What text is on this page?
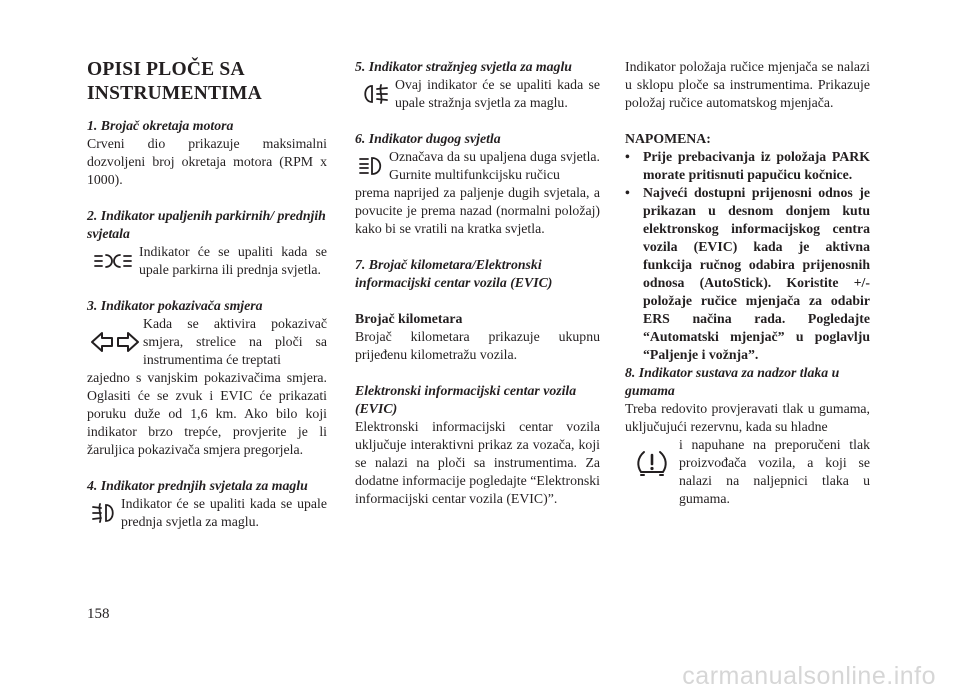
OPISI PLOČE SA
INSTRUMENTIMA

1. Brojač okretaja motora

Crveni dio prikazuje maksimalni dozvoljeni broj okretaja motora (RPM x 1000).

2. Indikator upaljenih parkirnih/ prednjih svjetala

Indikator će se upaliti kada se upale parkirna ili prednja svjetla.

3. Indikator pokazivača smjera

Kada se aktivira pokazivač smjera, strelice na ploči sa instrumentima će treptati

zajedno s vanjskim pokazivačima smjera. Oglasiti će se zvuk i EVIC će prikazati poruku duže od 1,6 km. Ako bilo koji indikator brzo trepće, provjerite je li žaruljica pokazivača smjera pregorjela.

4. Indikator prednjih svjetala za maglu

Indikator će se upaliti kada se upale prednja svjetla za maglu.

5. Indikator stražnjeg svjetla za maglu

Ovaj indikator će se upaliti kada se upale stražnja svjetla za maglu.

6. Indikator dugog svjetla

Označava da su upaljena duga svjetla. Gurnite multifunkcijsku ručicu

prema naprijed za paljenje dugih svjetala, a povucite je prema nazad (normalni položaj) kako bi se vratili na kratka svjetla.

7. Brojač kilometara/Elektronski informacijski centar vozila (EVIC)

Brojač kilometara

Brojač kilometara prikazuje ukupnu prijeđenu kilometražu vozila.

Elektronski informacijski centar vozila (EVIC)

Elektronski informacijski centar vozila uključuje interaktivni prikaz za vozača, koji se nalazi na ploči sa instrumentima. Za dodatne informacije pogledajte “Elektronski informacijski centar vozila (EVIC)”.

Indikator položaja ručice mjenjača se nalazi u sklopu ploče sa instrumentima. Prikazuje položaj ručice automatskog mjenjača.

NAPOMENA:

• Prije prebacivanja iz položaja PARK morate pritisnuti papučicu kočnice.
• Najveći dostupni prijenosni odnos je prikazan u desnom donjem kutu elektronskog informacijskog centra vozila (EVIC) kada je aktivna funkcija ručnog odabira prijenosnih odnosa (AutoStick). Koristite +/- položaje ručice mjenjača za odabir ERS načina rada. Pogledajte “Automatski mjenjač” u poglavlju “Paljenje i vožnja”.

8. Indikator sustava za nadzor tlaka u gumama

Treba redovito provjeravati tlak u gumama, uključujući rezervnu, kada su hladne

i napuhane na preporučeni tlak proizvođača vozila, a koji se nalazi na naljepnici tlaka u gumama.

158
carmanualsonline.info
